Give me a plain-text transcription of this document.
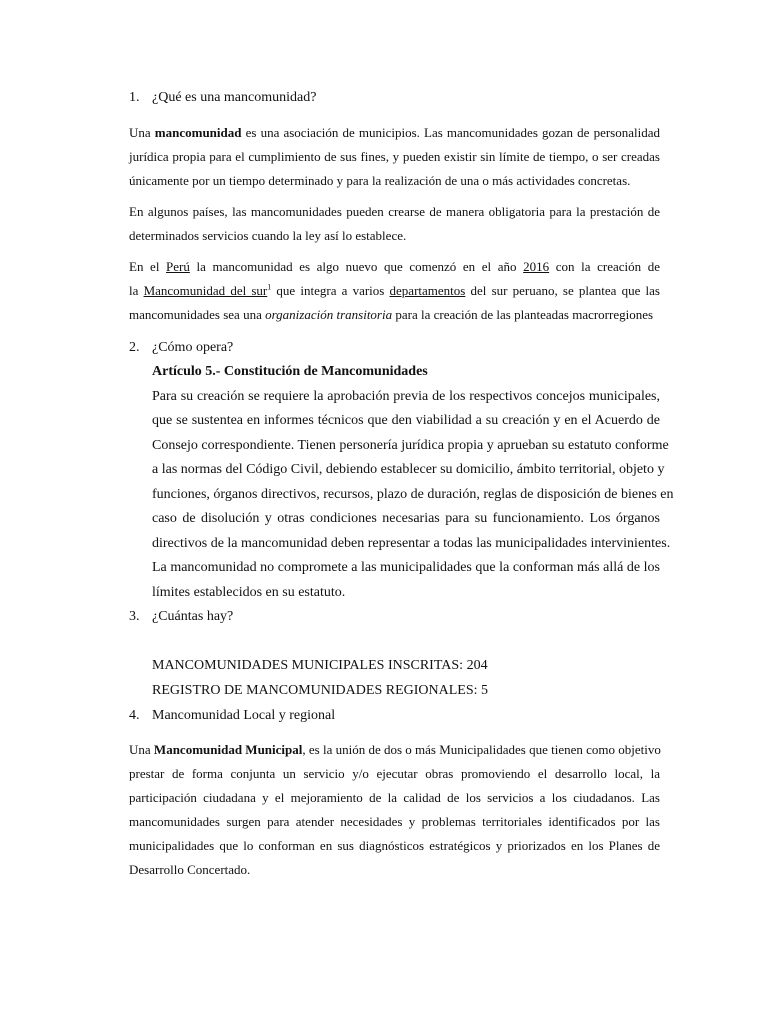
1. ¿Qué es una mancomunidad?
Una mancomunidad es una asociación de municipios. Las mancomunidades gozan de personalidad
jurídica propia para el cumplimiento de sus fines, y pueden existir sin límite de tiempo, o ser creadas
únicamente por un tiempo determinado y para la realización de una o más actividades concretas.
En algunos países, las mancomunidades pueden crearse de manera obligatoria para la prestación de
determinados servicios cuando la ley así lo establece.
En el Perú la mancomunidad es algo nuevo que comenzó en el año 2016 con la creación de
la Mancomunidad del sur$^1$ que integra a varios departamentos del sur peruano, se plantea que las
mancomunidades sea una organización transitoria para la creación de las planteadas macrorregiones
2. ¿Cómo opera?
Artículo 5.- Constitución de Mancomunidades
Para su creación se requiere la aprobación previa de los respectivos concejos municipales,
que se sustentea en informes técnicos que den viabilidad a su creación y en el Acuerdo de
Consejo correspondiente. Tienen personería jurídica propia y aprueban su estatuto conforme
a las normas del Código Civil, debiendo establecer su domicilio, ámbito territorial, objeto y
funciones, órganos directivos, recursos, plazo de duración, reglas de disposición de bienes en
caso de disolución y otras condiciones necesarias para su funcionamiento. Los órganos
directivos de la mancomunidad deben representar a todas las municipalidades intervinientes.
La mancomunidad no compromete a las municipalidades que la conforman más allá de los
límites establecidos en su estatuto.
3. ¿Cuántas hay?
MANCOMUNIDADES MUNICIPALES INSCRITAS: 204
REGISTRO DE MANCOMUNIDADES REGIONALES: 5
4. Mancomunidad Local y regional
Una Mancomunidad Municipal, es la unión de dos o más Municipalidades que tienen como objetivo
prestar de forma conjunta un servicio y/o ejecutar obras promoviendo el desarrollo local, la
participación ciudadana y el mejoramiento de la calidad de los servicios a los ciudadanos. Las
mancomunidades surgen para atender necesidades y problemas territoriales identificados por las
municipalidades que lo conforman en sus diagnósticos estratégicos y priorizados en los Planes de
Desarrollo Concertado.
